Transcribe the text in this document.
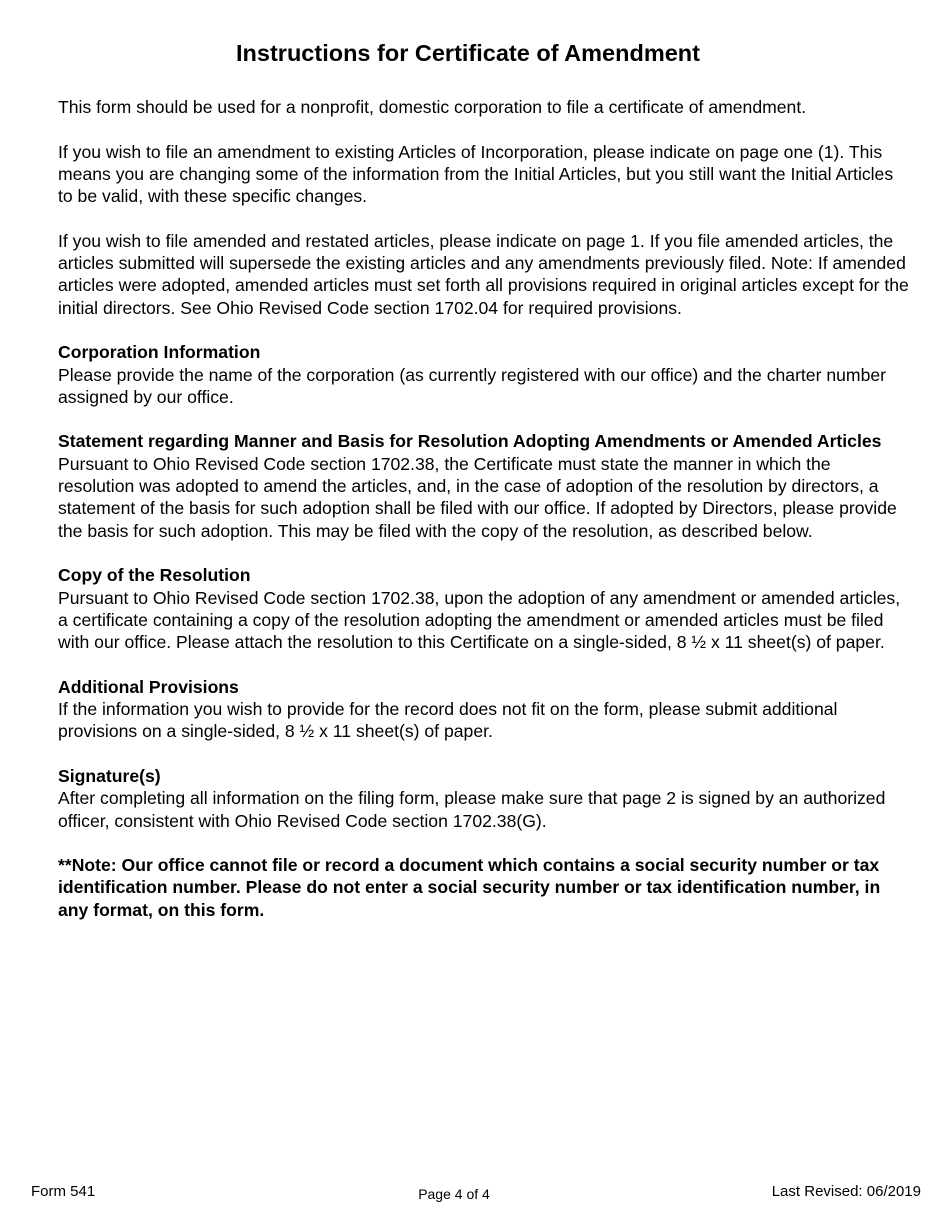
Instructions for Certificate of Amendment

This form should be used for a nonprofit, domestic corporation to file a certificate of amendment.

If you wish to file an amendment to existing Articles of Incorporation, please indicate on page one (1). This means you are changing some of the information from the Initial Articles, but you still want the Initial Articles to be valid, with these specific changes.

If you wish to file amended and restated articles, please indicate on page 1. If you file amended articles, the articles submitted will supersede the existing articles and any amendments previously filed. Note: If amended articles were adopted, amended articles must set forth all provisions required in original articles except for the initial directors. See Ohio Revised Code section 1702.04 for required provisions.

Corporation Information
Please provide the name of the corporation (as currently registered with our office) and the charter number assigned by our office.

Statement regarding Manner and Basis for Resolution Adopting Amendments or Amended Articles
Pursuant to Ohio Revised Code section 1702.38, the Certificate must state the manner in which the resolution was adopted to amend the articles, and, in the case of adoption of the resolution by directors, a statement of the basis for such adoption shall be filed with our office. If adopted by Directors, please provide the basis for such adoption. This may be filed with the copy of the resolution, as described below.

Copy of the Resolution
Pursuant to Ohio Revised Code section 1702.38, upon the adoption of any amendment or amended articles, a certificate containing a copy of the resolution adopting the amendment or amended articles must be filed with our office. Please attach the resolution to this Certificate on a single-sided, 8 ½ x 11 sheet(s) of paper.

Additional Provisions
If the information you wish to provide for the record does not fit on the form, please submit additional provisions on a single-sided, 8 ½ x 11 sheet(s) of paper.

Signature(s)
After completing all information on the filing form, please make sure that page 2 is signed by an authorized officer, consistent with Ohio Revised Code section 1702.38(G).

**Note: Our office cannot file or record a document which contains a social security number or tax identification number. Please do not enter a social security number or tax identification number, in any format, on this form.

Form 541	Page 4 of 4	Last Revised: 06/2019
